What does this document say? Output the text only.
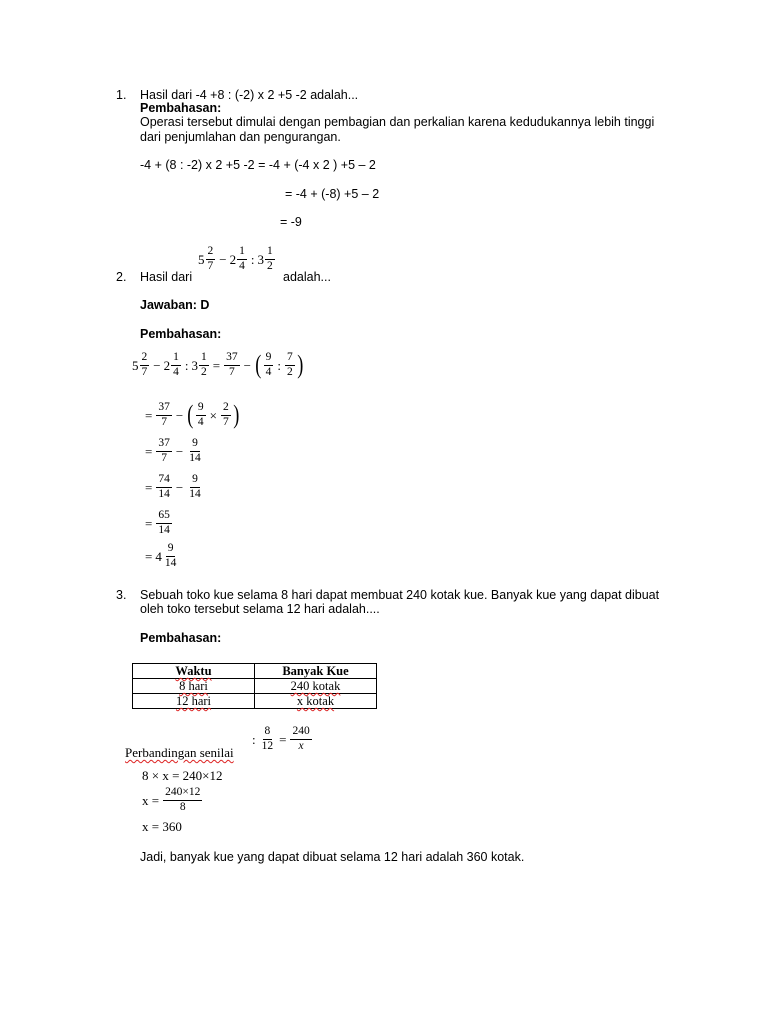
1. Hasil dari -4 +8 : (-2) x 2 +5 -2 adalah...
Pembahasan:
Operasi tersebut dimulai dengan pembagian dan perkalian karena kedudukannya lebih tinggi
dari penjumlahan dan pengurangan.
-4 + (8 : -2) x 2 +5 -2 = -4 + (-4 x 2 ) +5 – 2
= -4 + (-8) +5 – 2
= -9
2. Hasil dari
$5 \frac{2}{7} - 2 \frac{1}{4}$ : $3 \frac{1}{2}$
adalah...
Jawaban: D
Pembahasan:
$5 \frac{2}{7} - 2 \frac{1}{4}$ : $3 \frac{1}{2} = \frac{37}{7}$ − ( $\frac{9}{4}$ : $\frac{7}{2}$ )
= $\frac{37}{7}$ − ( $\frac{9}{4} \times \frac{2}{7}$ )
= $\frac{37}{7} - \frac{9}{14}$
= $\frac{74}{14} - \frac{9}{14}$
= $\frac{65}{14}$
= $4 \frac{9}{14}$
3. Sebuah toko kue selama 8 hari dapat membuat 240 kotak kue. Banyak kue yang dapat dibuat
oleh toko tersebut selama 12 hari adalah....
Pembahasan:
Waktu	Banyak Kue
8 hari	240 kotak
12 hari	x kotak
Perbandingan senilai
: $\frac{8}{12} = \frac{240}{x}$
8 × x = 240×12
$x = \frac{240\times 12}{8}$
x = 360
Jadi, banyak kue yang dapat dibuat selama 12 hari adalah 360 kotak.
